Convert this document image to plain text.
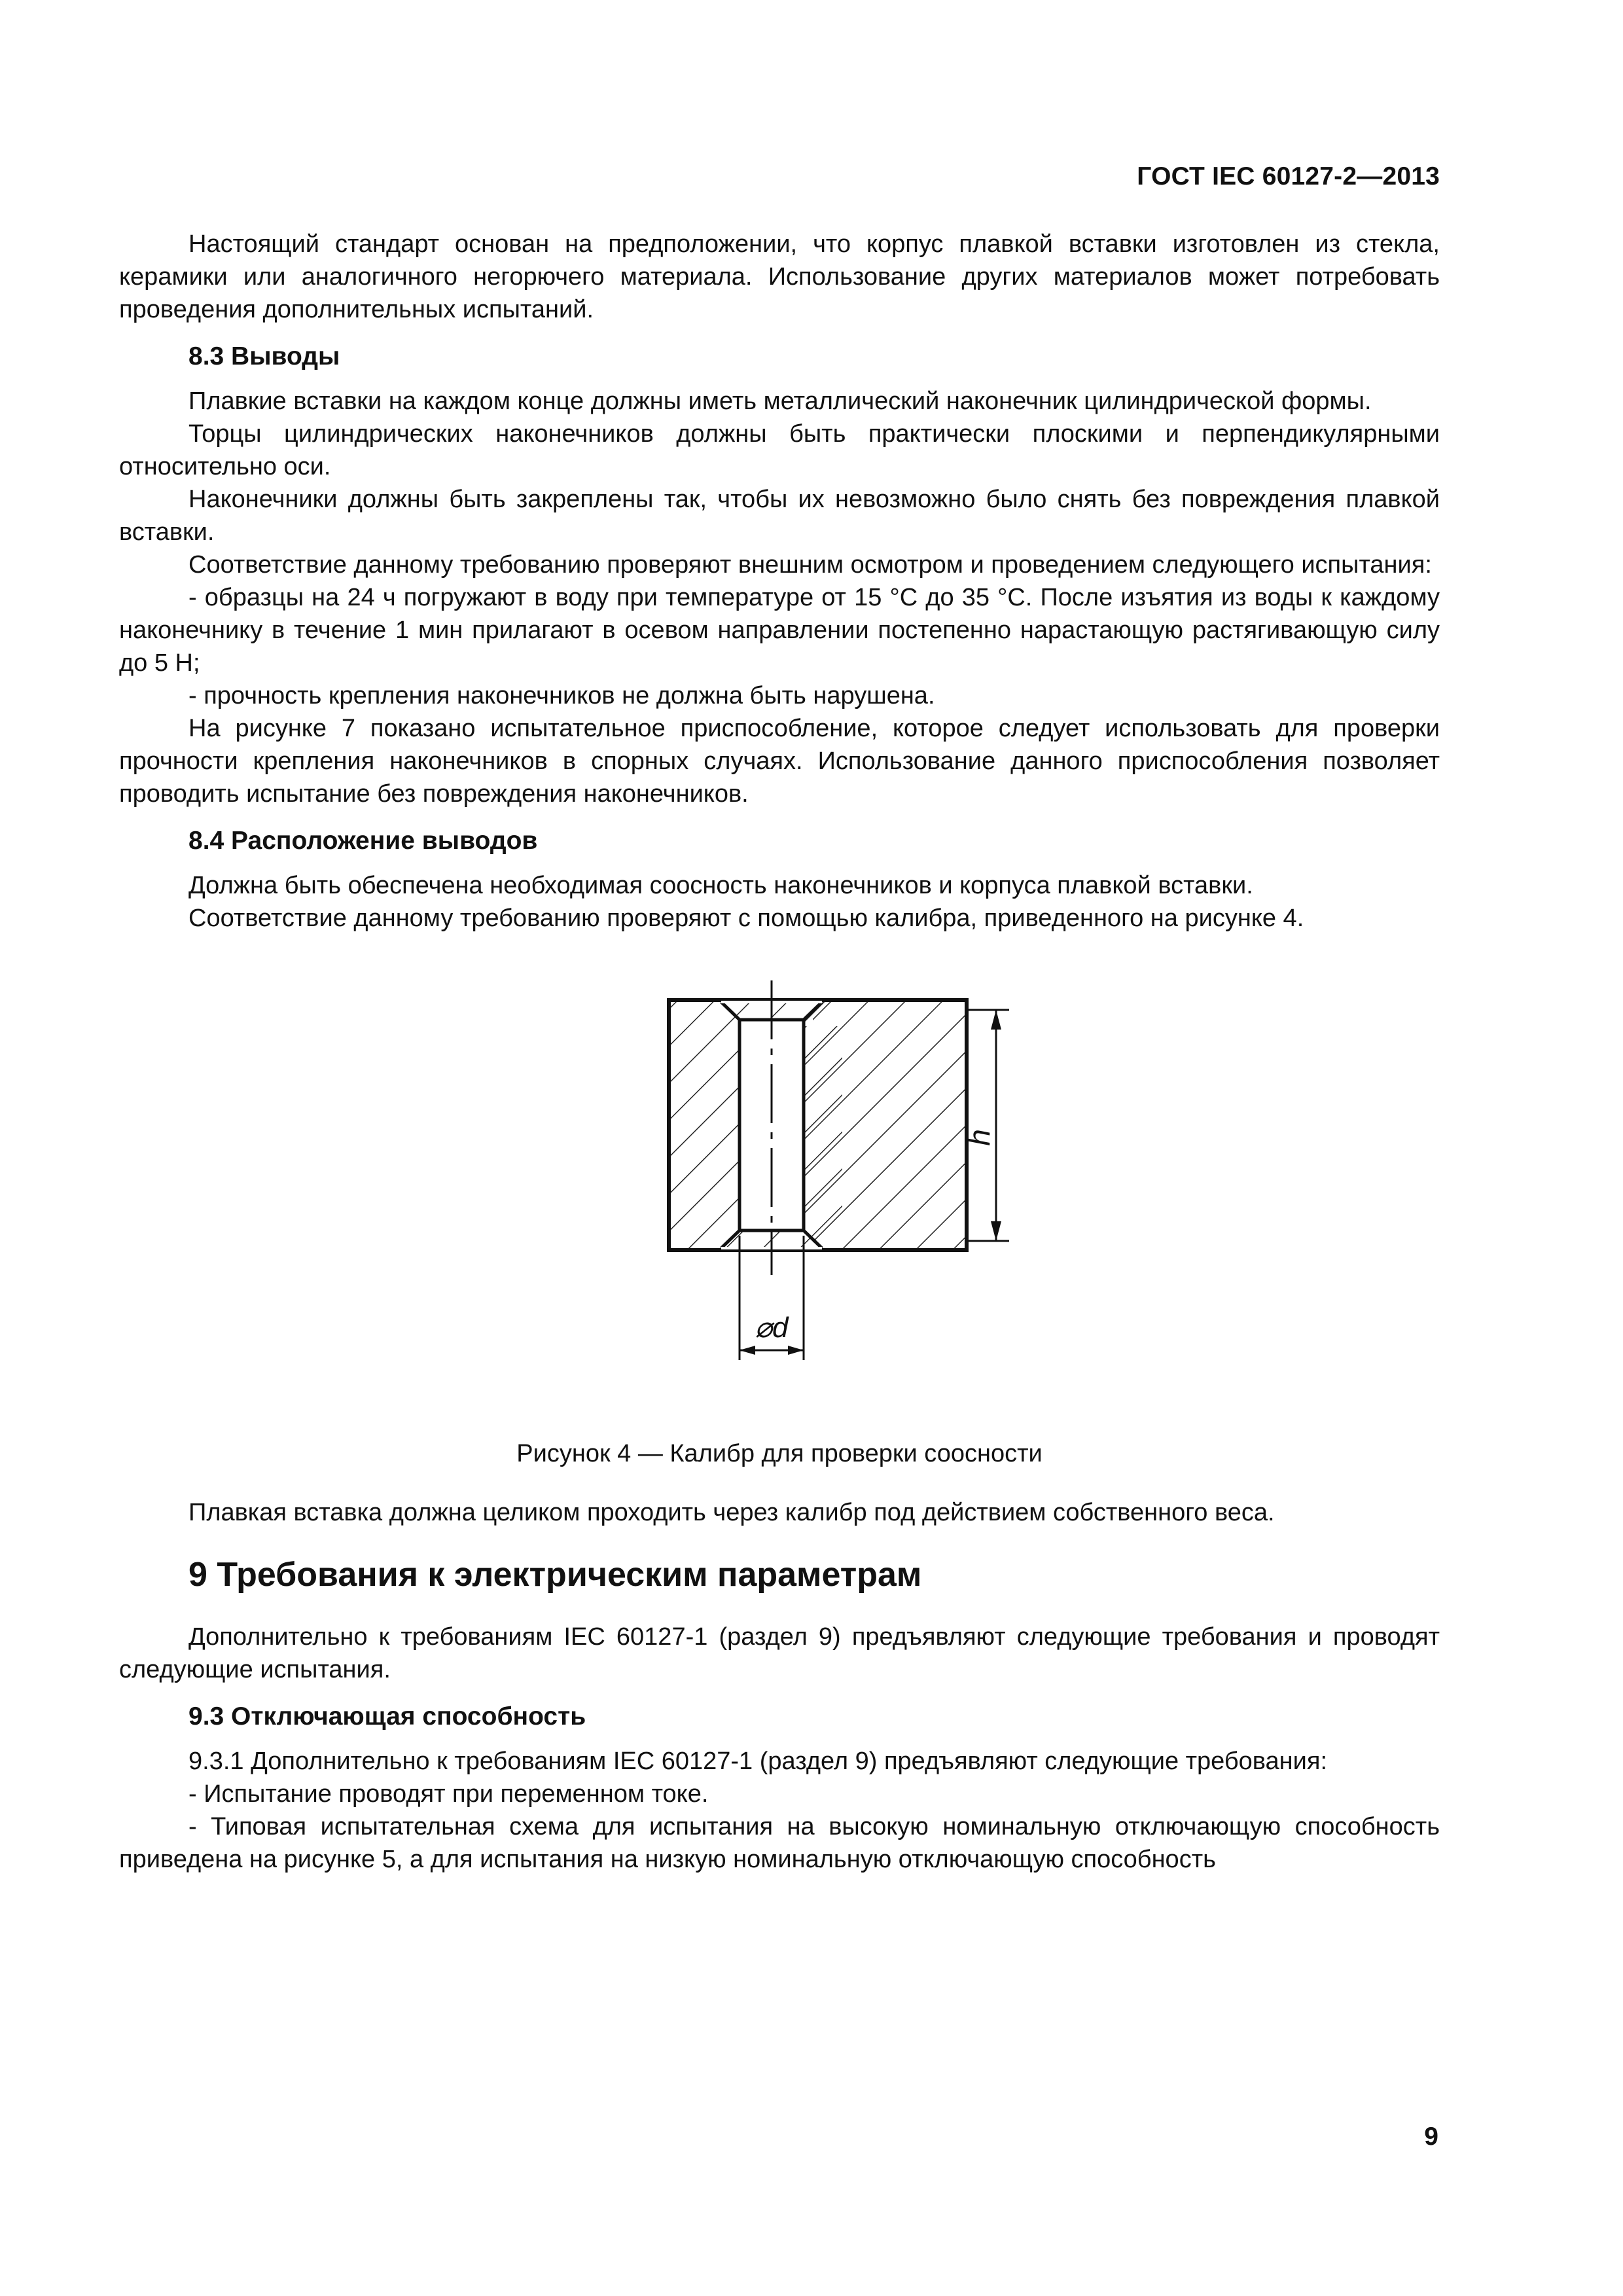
ГОСТ IEC 60127-2—2013

Настоящий стандарт основан на предположении, что корпус плавкой вставки изготовлен из стекла, керамики или аналогичного негорючего материала. Использование других материалов может потребовать проведения дополнительных испытаний.

8.3 Выводы

Плавкие вставки на каждом конце должны иметь металлический наконечник цилиндрической формы.

Торцы цилиндрических наконечников должны быть практически плоскими и перпендикулярными относительно оси.

Наконечники должны быть закреплены так, чтобы их невозможно было снять без повреждения плавкой вставки.

Соответствие данному требованию проверяют внешним осмотром и проведением следующего испытания:

- образцы на 24 ч погружают в воду при температуре от 15 °С до 35 °С. После изъятия из воды к каждому наконечнику в течение 1 мин прилагают в осевом направлении постепенно нарастающую растягивающую силу до 5 Н;

- прочность крепления наконечников не должна быть нарушена.

На рисунке 7 показано испытательное приспособление, которое следует использовать для проверки прочности крепления наконечников в спорных случаях. Использование данного приспособления позволяет проводить испытание без повреждения наконечников.

8.4 Расположение выводов

Должна быть обеспечена необходимая соосность наконечников и корпуса плавкой вставки.

Соответствие данному требованию проверяют с помощью калибра, приведенного на рисунке 4.

h
⌀d
Рисунок 4 — Калибр для проверки соосности

Плавкая вставка должна целиком проходить через калибр под действием собственного веса.

9 Требования к электрическим параметрам

Дополнительно к требованиям IEC 60127-1 (раздел 9) предъявляют следующие требования и проводят следующие испытания.

9.3 Отключающая способность

9.3.1 Дополнительно к требованиям IEC 60127-1 (раздел 9) предъявляют следующие требования:

- Испытание проводят при переменном токе.

- Типовая испытательная схема для испытания на высокую номинальную отключающую способность приведена на рисунке 5, а для испытания на низкую номинальную отключающую способность

9
